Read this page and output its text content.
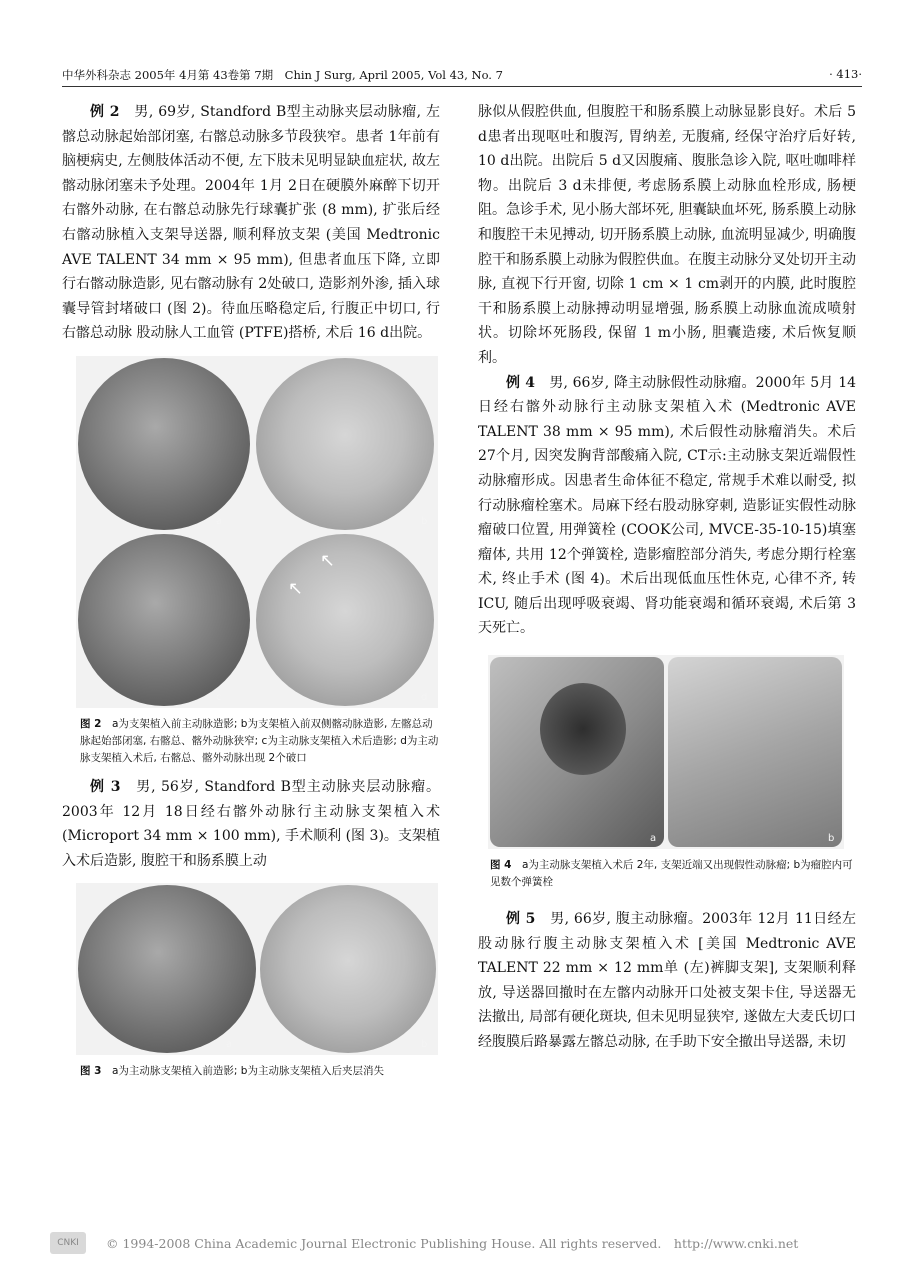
中华外科杂志 2005年 4月第 43卷第 7期　Chin J Surg, April 2005, Vol 43, No. 7	· 413·

例 2　 男, 69岁, Standford B型主动脉夹层动脉瘤, 左髂总动脉起始部闭塞, 右髂总动脉多节段狭窄。患者 1年前有脑梗病史, 左侧肢体活动不便, 左下肢未见明显缺血症状, 故左髂动脉闭塞未予处理。2004年 1月 2日在硬膜外麻醉下切开右髂外动脉, 在右髂总动脉先行球囊扩张 (8 mm), 扩张后经右髂动脉植入支架导送器, 顺利释放支架 (美国 Medtronic AVE TALENT 34 mm × 95 mm), 但患者血压下降, 立即行右髂动脉造影, 见右髂动脉有 2处破口, 造影剂外渗, 插入球囊导管封堵破口 (图 2)。待血压略稳定后, 行腹正中切口, 行右髂总动脉 股动脉人工血管 (PTFE)搭桥, 术后 16 d出院。

a	b
c	d
→
→

图 2　 a为支架植入前主动脉造影; b为支架植入前双侧髂动脉造影, 左髂总动脉起始部闭塞, 右髂总、髂外动脉狭窄; c为主动脉支架植入术后造影; d为主动脉支架植入术后, 右髂总、髂外动脉出现 2个破口

例 3　 男, 56岁, Standford B型主动脉夹层动脉瘤。2003年 12月 18日经右髂外动脉行主动脉支架植入术 (Microport 34 mm × 100 mm), 手术顺利 (图 3)。支架植入术后造影, 腹腔干和肠系膜上动

a	b

图 3　 a为主动脉支架植入前造影; b为主动脉支架植入后夹层消失

脉似从假腔供血, 但腹腔干和肠系膜上动脉显影良好。术后 5 d患者出现呕吐和腹泻, 胃纳差, 无腹痛, 经保守治疗后好转, 10 d出院。出院后 5 d又因腹痛、腹胀急诊入院, 呕吐咖啡样物。出院后 3 d未排便, 考虑肠系膜上动脉血栓形成, 肠梗阻。急诊手术, 见小肠大部坏死, 胆囊缺血坏死, 肠系膜上动脉和腹腔干未见搏动, 切开肠系膜上动脉, 血流明显减少, 明确腹腔干和肠系膜上动脉为假腔供血。在腹主动脉分叉处切开主动脉, 直视下行开窗, 切除 1 cm × 1 cm剥开的内膜, 此时腹腔干和肠系膜上动脉搏动明显增强, 肠系膜上动脉血流成喷射状。切除坏死肠段, 保留 1 m小肠, 胆囊造瘘, 术后恢复顺利。

例 4　 男, 66岁, 降主动脉假性动脉瘤。2000年 5月 14日经右髂外动脉行主动脉支架植入术 (Medtronic AVE TALENT 38 mm × 95 mm), 术后假性动脉瘤消失。术后 27个月, 因突发胸背部酸痛入院, CT示:主动脉支架近端假性动脉瘤形成。因患者生命体征不稳定, 常规手术难以耐受, 拟行动脉瘤栓塞术。局麻下经右股动脉穿刺, 造影证实假性动脉瘤破口位置, 用弹簧栓 (COOK公司, MVCE-35-10-15)填塞瘤体, 共用 12个弹簧栓, 造影瘤腔部分消失, 考虑分期行栓塞术, 终止手术 (图 4)。术后出现低血压性休克, 心律不齐, 转 ICU, 随后出现呼吸衰竭、肾功能衰竭和循环衰竭, 术后第 3天死亡。

a	b

图 4　 a为主动脉支架植入术后 2年, 支架近端又出现假性动脉瘤; b为瘤腔内可见数个弹簧栓

例 5　 男, 66岁, 腹主动脉瘤。2003年 12月 11日经左股动脉行腹主动脉支架植入术 [美国 Medtronic AVE TALENT 22 mm × 12 mm单 (左)裤脚支架], 支架顺利释放, 导送器回撤时在左髂内动脉开口处被支架卡住, 导送器无法撤出, 局部有硬化斑块, 但未见明显狭窄, 遂做左大麦氏切口经腹膜后路暴露左髂总动脉, 在手助下安全撤出导送器, 未切

CNKI	© 1994-2008 China Academic Journal Electronic Publishing House. All rights reserved.　http://www.cnki.net
